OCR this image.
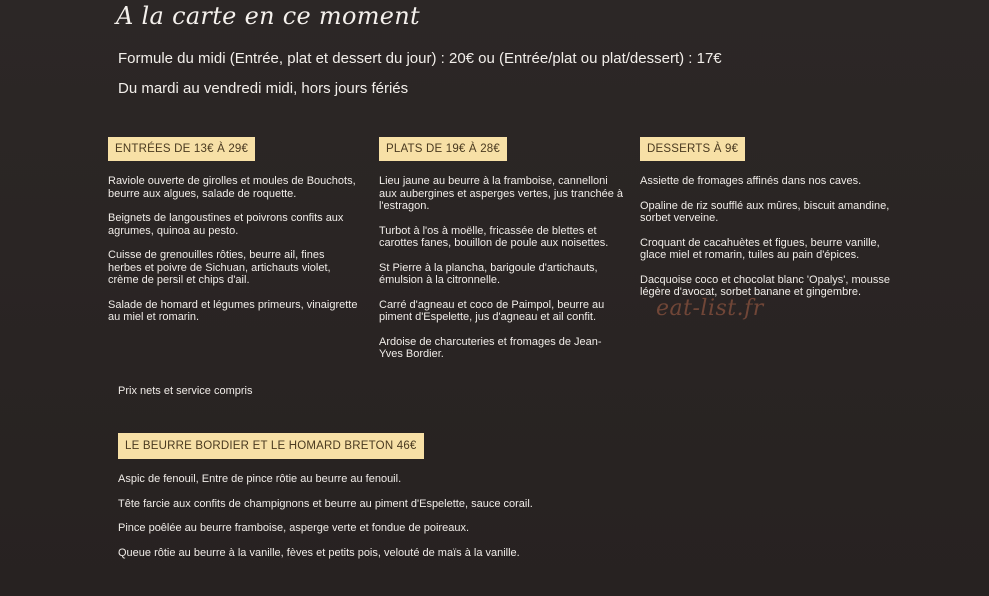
A la carte en ce moment
Formule du midi (Entrée, plat et dessert du jour) : 20€ ou (Entrée/plat ou plat/dessert) : 17€
Du mardi au vendredi midi, hors jours fériés
ENTRÉES DE 13€ À 29€
Raviole ouverte de girolles et moules de Bouchots, beurre aux algues, salade de roquette.
Beignets de langoustines et poivrons confits aux agrumes, quinoa au pesto.
Cuisse de grenouilles rôties, beurre ail, fines herbes et poivre de Sichuan, artichauts violet, crème de persil et chips d'ail.
Salade de homard et légumes primeurs, vinaigrette au miel et romarin.
PLATS DE 19€ À 28€
Lieu jaune au beurre à la framboise, cannelloni aux aubergines et asperges vertes, jus tranchée à l'estragon.
Turbot à l'os à moëlle, fricassée de blettes et carottes fanes, bouillon de poule aux noisettes.
St Pierre à la plancha, barigoule d'artichauts, émulsion à la citronnelle.
Carré d'agneau et coco de Paimpol, beurre au piment d'Espelette, jus d'agneau et ail confit.
Ardoise de charcuteries et fromages de Jean-Yves Bordier.
DESSERTS À 9€
Assiette de fromages affinés dans nos caves.
Opaline de riz soufflé aux mûres, biscuit amandine, sorbet verveine.
Croquant de cacahuètes et figues, beurre vanille, glace miel et romarin, tuiles au pain d'épices.
Dacquoise coco et chocolat blanc 'Opalys', mousse légère d'avocat, sorbet banane et gingembre.
eat-list.fr
Prix nets et service compris
LE BEURRE BORDIER ET LE HOMARD BRETON 46€
Aspic de fenouil, Entre de pince rôtie au beurre au fenouil.
Tête farcie aux confits de champignons et beurre au piment d'Espelette, sauce corail.
Pince poêlée au beurre framboise, asperge verte et fondue de poireaux.
Queue rôtie au beurre à la vanille, fèves et petits pois, velouté de maïs à la vanille.
